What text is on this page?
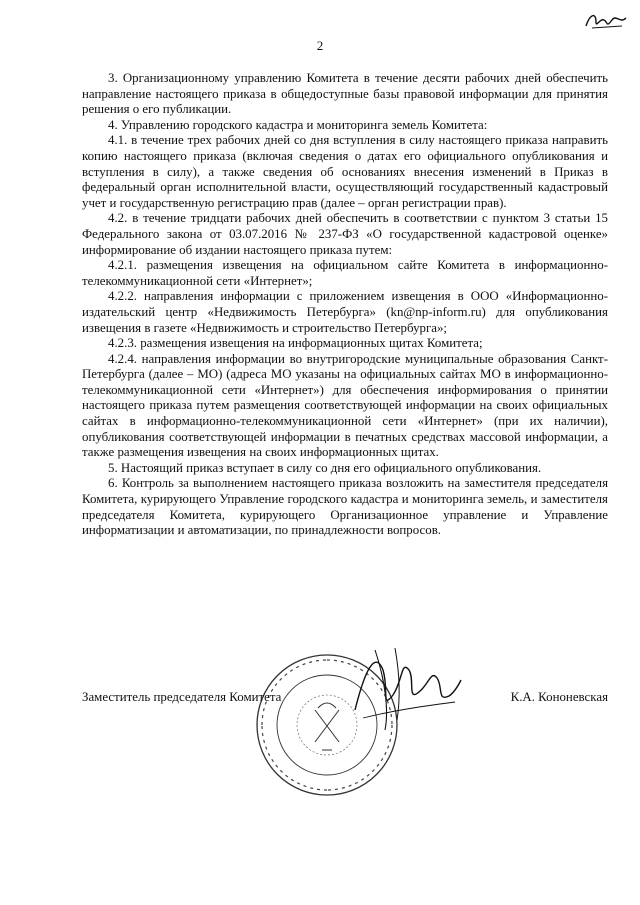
2

3. Организационному управлению Комитета в течение десяти рабочих дней обеспечить направление настоящего приказа в общедоступные базы правовой информации для принятия решения о его публикации.

4. Управлению городского кадастра и мониторинга земель Комитета:

4.1. в течение трех рабочих дней со дня вступления в силу настоящего приказа направить копию настоящего приказа (включая сведения о датах его официального опубликования и вступления в силу), а также сведения об основаниях внесения изменений в Приказ в федеральный орган исполнительной власти, осуществляющий государственный кадастровый учет и государственную регистрацию прав (далее – орган регистрации прав).

4.2. в течение тридцати рабочих дней обеспечить в соответствии с пунктом 3 статьи 15 Федерального закона от 03.07.2016 № 237-ФЗ «О государственной кадастровой оценке» информирование об издании настоящего приказа путем:

4.2.1. размещения извещения на официальном сайте Комитета в информационно-телекоммуникационной сети «Интернет»;

4.2.2. направления информации с приложением извещения в ООО «Информационно-издательский центр «Недвижимость Петербурга» (kn@np-inform.ru) для опубликования извещения в газете «Недвижимость и строительство Петербурга»;

4.2.3. размещения извещения на информационных щитах Комитета;

4.2.4. направления информации во внутригородские муниципальные образования Санкт-Петербурга (далее – МО) (адреса МО указаны на официальных сайтах МО в информационно-телекоммуникационной сети «Интернет») для обеспечения информирования о принятии настоящего приказа путем размещения соответствующей информации на своих официальных сайтах в информационно-телекоммуникационной сети «Интернет» (при их наличии), опубликования соответствующей информации в печатных средствах массовой информации, а также размещения извещения на своих информационных щитах.

5. Настоящий приказ вступает в силу со дня его официального опубликования.

6. Контроль за выполнением настоящего приказа возложить на заместителя председателя Комитета, курирующего Управление городского кадастра и мониторинга земель, и заместителя председателя Комитета, курирующего Организационное управление и Управление информатизации и автоматизации, по принадлежности вопросов.

Заместитель председателя Комитета	К.А. Кононевская
